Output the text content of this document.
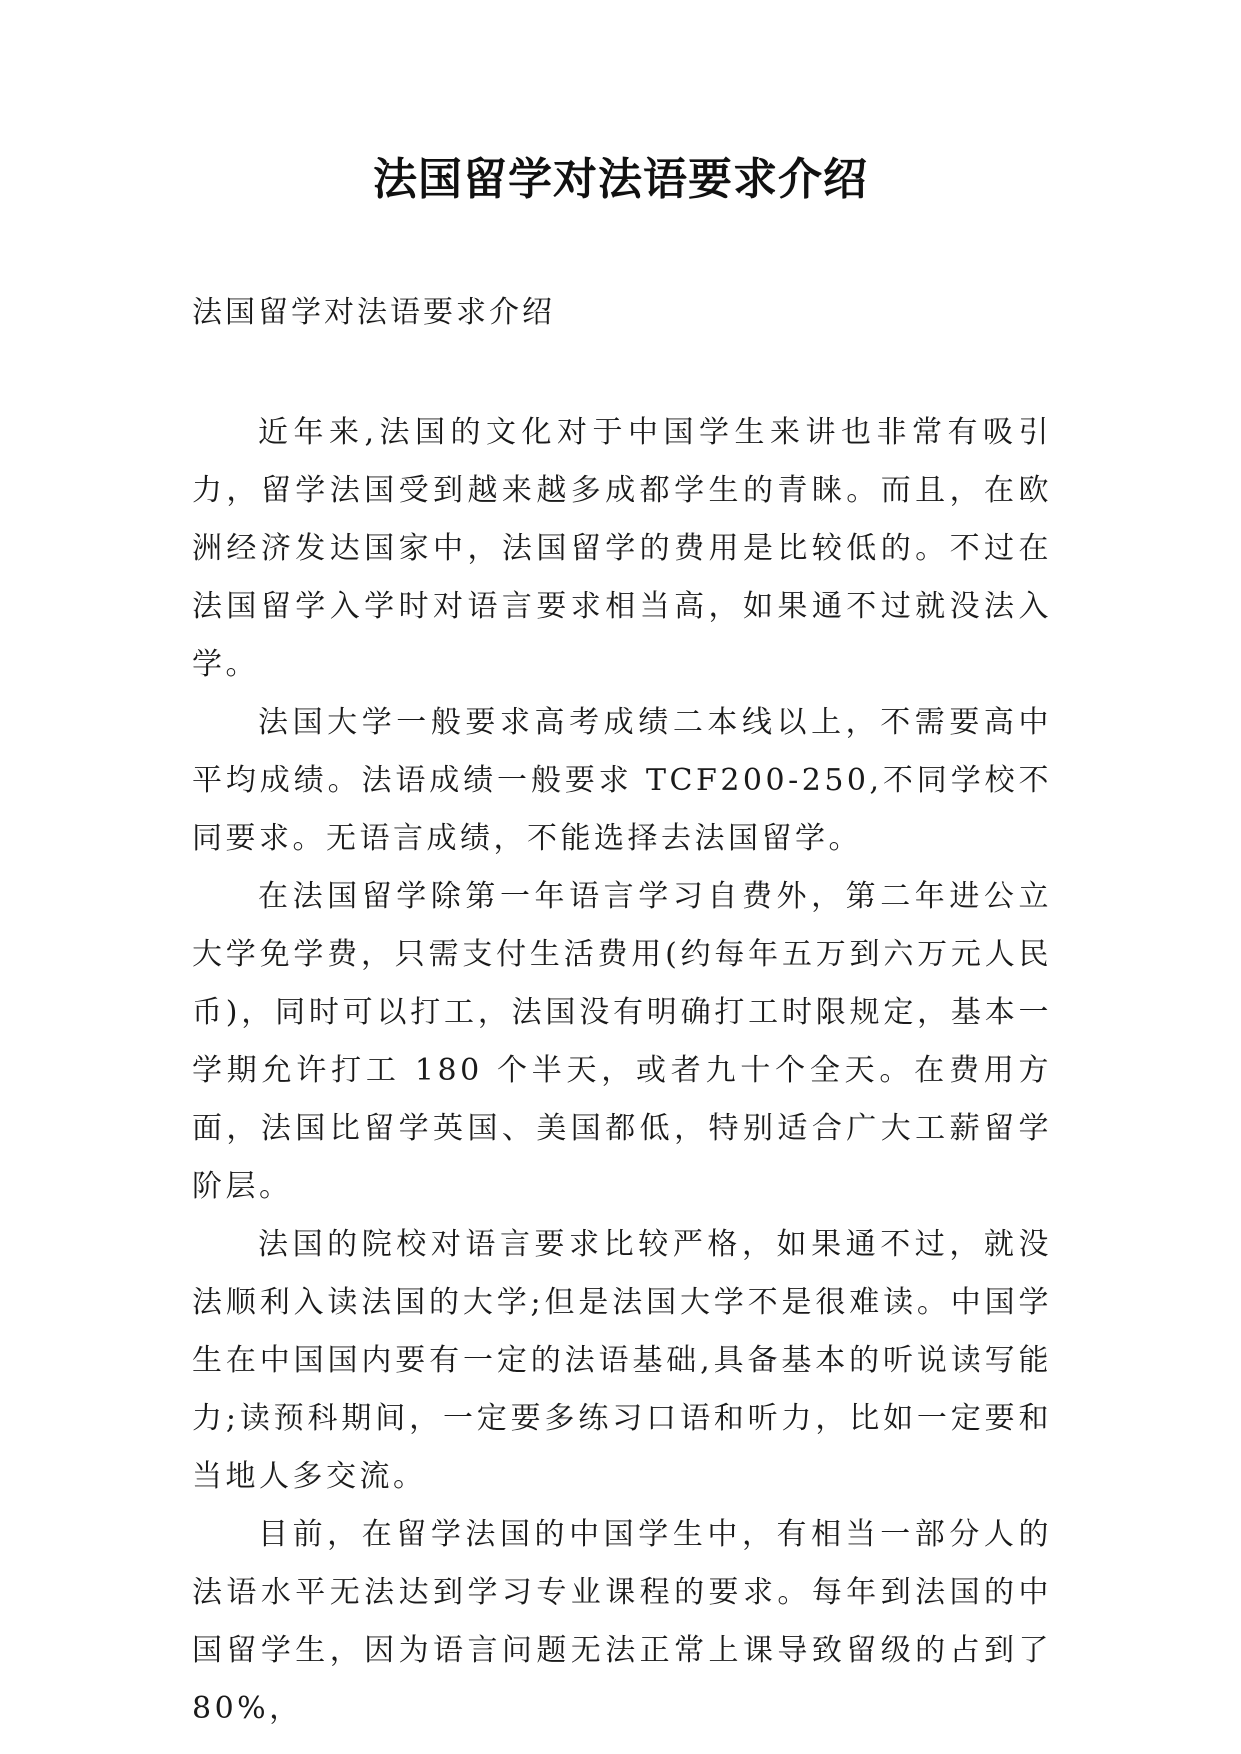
法国留学对法语要求介绍
法国留学对法语要求介绍

近年来,法国的文化对于中国学生来讲也非常有吸引力，留学法国受到越来越多成都学生的青睐。而且，在欧洲经济发达国家中，法国留学的费用是比较低的。不过在法国留学入学时对语言要求相当高，如果通不过就没法入学。

法国大学一般要求高考成绩二本线以上，不需要高中平均成绩。法语成绩一般要求 TCF200-250,不同学校不同要求。无语言成绩，不能选择去法国留学。

在法国留学除第一年语言学习自费外，第二年进公立大学免学费，只需支付生活费用(约每年五万到六万元人民币)，同时可以打工，法国没有明确打工时限规定，基本一学期允许打工 180 个半天，或者九十个全天。在费用方面，法国比留学英国、美国都低，特别适合广大工薪留学阶层。

法国的院校对语言要求比较严格，如果通不过，就没法顺利入读法国的大学;但是法国大学不是很难读。中国学生在中国国内要有一定的法语基础,具备基本的听说读写能力;读预科期间，一定要多练习口语和听力，比如一定要和当地人多交流。

目前，在留学法国的中国学生中，有相当一部分人的法语水平无法达到学习专业课程的要求。每年到法国的中国留学生，因为语言问题无法正常上课导致留级的占到了 80%，
